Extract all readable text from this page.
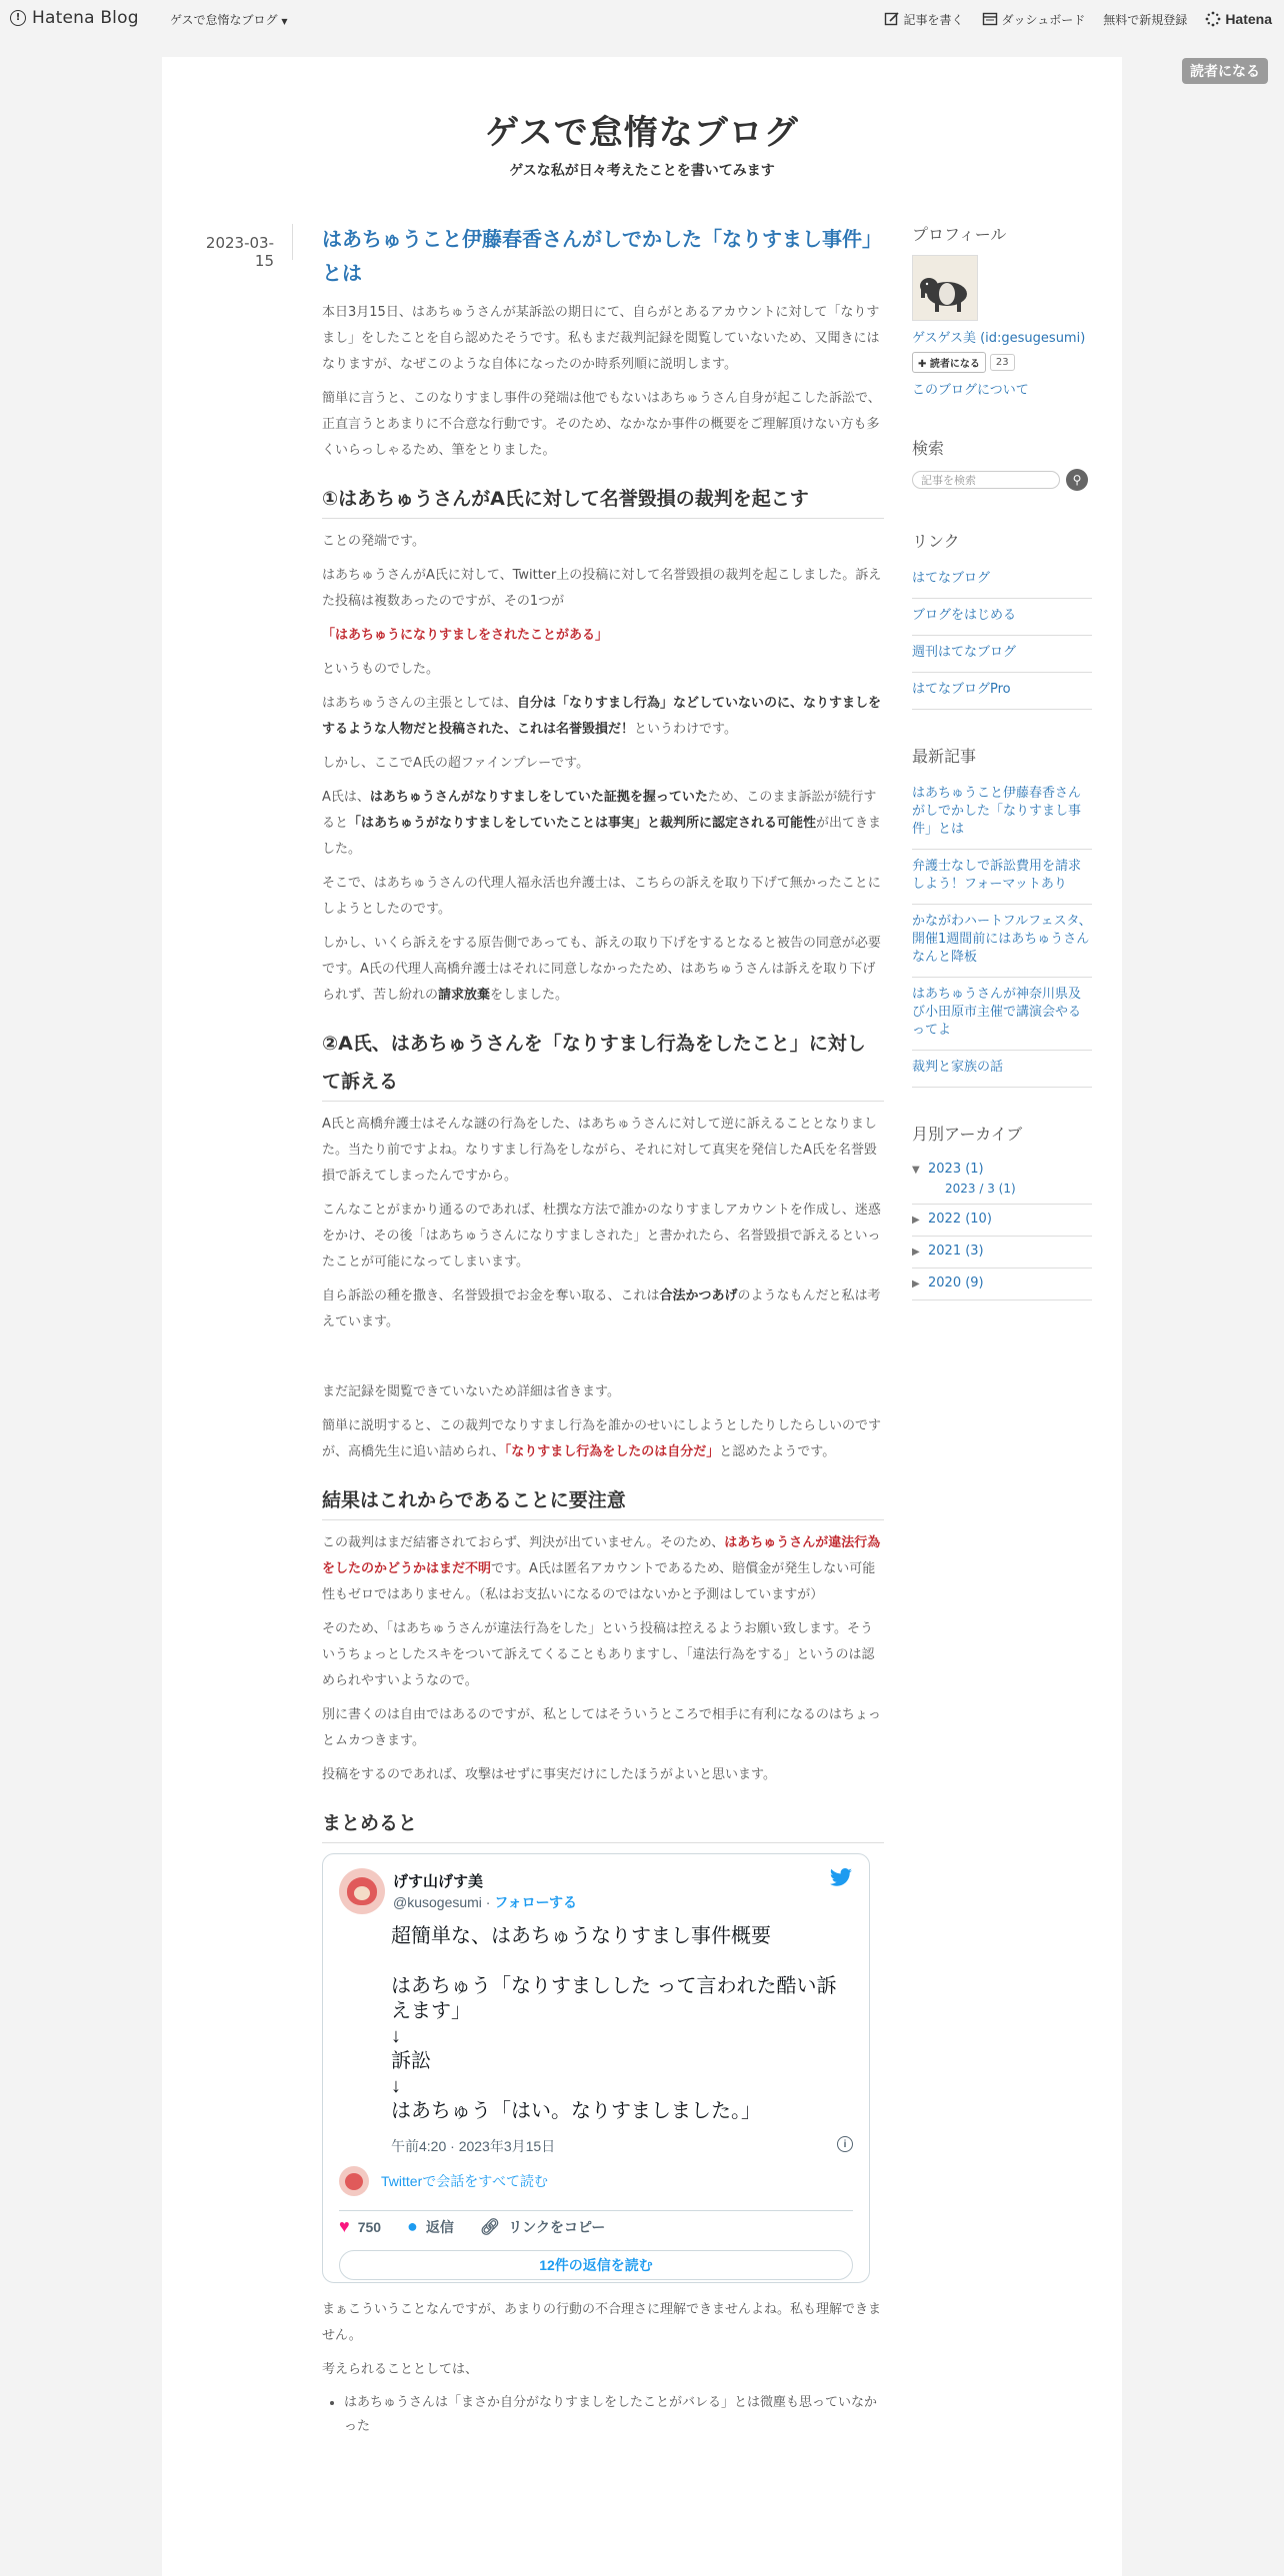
! Hatena Blog	ゲスで怠惰なブログ ▼	記事を書く	ダッシュボード 無料で新規登録	Hatena
読者になる
ゲスで怠惰なブログ
ゲスな私が日々考えたことを書いてみます
2023-03-15
はあちゅうこと伊藤春香さんがしでかした「なりすまし事件」とは

本日3月15日、はあちゅうさんが某訴訟の期日にて、自らがとあるアカウントに対して「なりすまし」をしたことを自ら認めたそうです。私もまだ裁判記録を閲覧していないため、又聞きにはなりますが、なぜこのような自体になったのか時系列順に説明します。

簡単に言うと、このなりすまし事件の発端は他でもないはあちゅうさん自身が起こした訴訟で、正直言うとあまりに不合意な行動です。そのため、なかなか事件の概要をご理解頂けない方も多くいらっしゃるため、筆をとりました。

①はあちゅうさんがA氏に対して名誉毀損の裁判を起こす

ことの発端です。

はあちゅうさんがA氏に対して、Twitter上の投稿に対して名誉毀損の裁判を起こしました。訴えた投稿は複数あったのですが、その1つが

「はあちゅうになりすましをされたことがある」

というものでした。

はあちゅうさんの主張としては、自分は「なりすまし行為」などしていないのに、なりすましをするような人物だと投稿された、これは名誉毀損だ！というわけです。

しかし、ここでA氏の超ファインプレーです。

A氏は、はあちゅうさんがなりすましをしていた証拠を握っていたため、このまま訴訟が続行すると「はあちゅうがなりすましをしていたことは事実」と裁判所に認定される可能性が出てきました。

そこで、はあちゅうさんの代理人福永活也弁護士は、こちらの訴えを取り下げて無かったことにしようとしたのです。

しかし、いくら訴えをする原告側であっても、訴えの取り下げをするとなると被告の同意が必要です。A氏の代理人高橋弁護士はそれに同意しなかったため、はあちゅうさんは訴えを取り下げられず、苦し紛れの請求放棄をしました。

②A氏、はあちゅうさんを「なりすまし行為をしたこと」に対して訴える

A氏と高橋弁護士はそんな謎の行為をした、はあちゅうさんに対して逆に訴えることとなりました。当たり前ですよね。なりすまし行為をしながら、それに対して真実を発信したA氏を名誉毀損で訴えてしまったんですから。

こんなことがまかり通るのであれば、杜撰な方法で誰かのなりすましアカウントを作成し、迷惑をかけ、その後「はあちゅうさんになりすましされた」と書かれたら、名誉毀損で訴えるといったことが可能になってしまいます。

自ら訴訟の種を撒き、名誉毀損でお金を奪い取る、これは合法かつあげのようなもんだと私は考えています。

まだ記録を閲覧できていないため詳細は省きます。

簡単に説明すると、この裁判でなりすまし行為を誰かのせいにしようとしたりしたらしいのですが、高橋先生に追い詰められ、「なりすまし行為をしたのは自分だ」と認めたようです。

結果はこれからであることに要注意

この裁判はまだ結審されておらず、判決が出ていません。そのため、はあちゅうさんが違法行為をしたのかどうかはまだ不明です。A氏は匿名アカウントであるため、賠償金が発生しない可能性もゼロではありません。（私はお支払いになるのではないかと予測はしていますが）

そのため、「はあちゅうさんが違法行為をした」という投稿は控えるようお願い致します。そういうちょっとしたスキをついて訴えてくることもありますし、「違法行為をする」というのは認められやすいようなので。

別に書くのは自由ではあるのですが、私としてはそういうところで相手に有利になるのはちょっとムカつきます。

投稿をするのであれば、攻撃はせずに事実だけにしたほうがよいと思います。

まとめると
げす山げす美
@kusogesumi · フォローする
超簡単な、はあちゅうなりすまし事件概要
はあちゅう「なりすましした って言われた酷い訴えます」
↓
訴訟
↓
はあちゅう「はい。なりすましました。」
午前4:20 · 2023年3月15日	i
Twitterで会話をすべて読む
♥ 750 ● 返信 🔗︎ リンクをコピー
12件の返信を読む

まぁこういうことなんですが、あまりの行動の不合理さに理解できませんよね。私も理解できません。

考えられることとしては、

• はあちゅうさんは「まさか自分がなりすましをしたことがバレる」とは微塵も思っていなかった
プロフィール
ゲスゲス美 (id:gesugesumi)
✚ 読者になる	23
このブログについて
検索
記事を検索	⚲
リンク
はてなブログ
ブログをはじめる
週刊はてなブログ
はてなブログPro
最新記事
はあちゅうこと伊藤春香さんがしでかした「なりすまし事件」とは
弁護士なしで訴訟費用を請求しよう！フォーマットあり
かながわハートフルフェスタ、開催1週間前にはあちゅうさんなんと降板
はあちゅうさんが神奈川県及び小田原市主催で講演会やるってよ
裁判と家族の話
月別アーカイブ
▼ 2023 (1)
2023 / 3 (1)
▶ 2022 (10)
▶ 2021 (3)
▶ 2020 (9)
